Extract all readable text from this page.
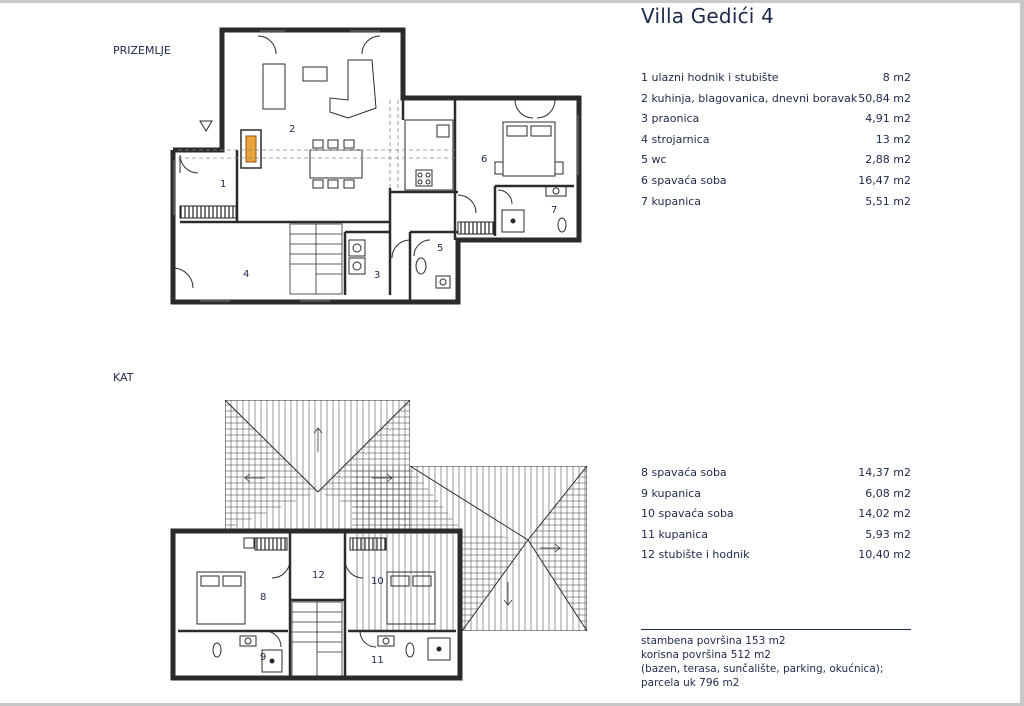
Villa Gedići 4
PRIZEMLJE
KAT
1 ulazni hodnik i stubište	8 m2
2 kuhinja, blagovanica, dnevni boravak 50,84 m2
3 praonica	4,91 m2
4 strojarnica	13 m2
5 wc	2,88 m2
6 spavaća soba	16,47 m2
7 kupanica	5,51 m2
8 spavaća soba	14,37 m2
9 kupanica	6,08 m2
10 spavaća soba	14,02 m2
11 kupanica	5,93 m2
12 stubište i hodnik	10,40 m2
stambena površina 153 m2
korisna površina 512 m2
(bazen, terasa, sunčalište, parking, okućnica);
parcela uk 796 m2
1
2
3
4
5
6
7
8
9
10
11
12
